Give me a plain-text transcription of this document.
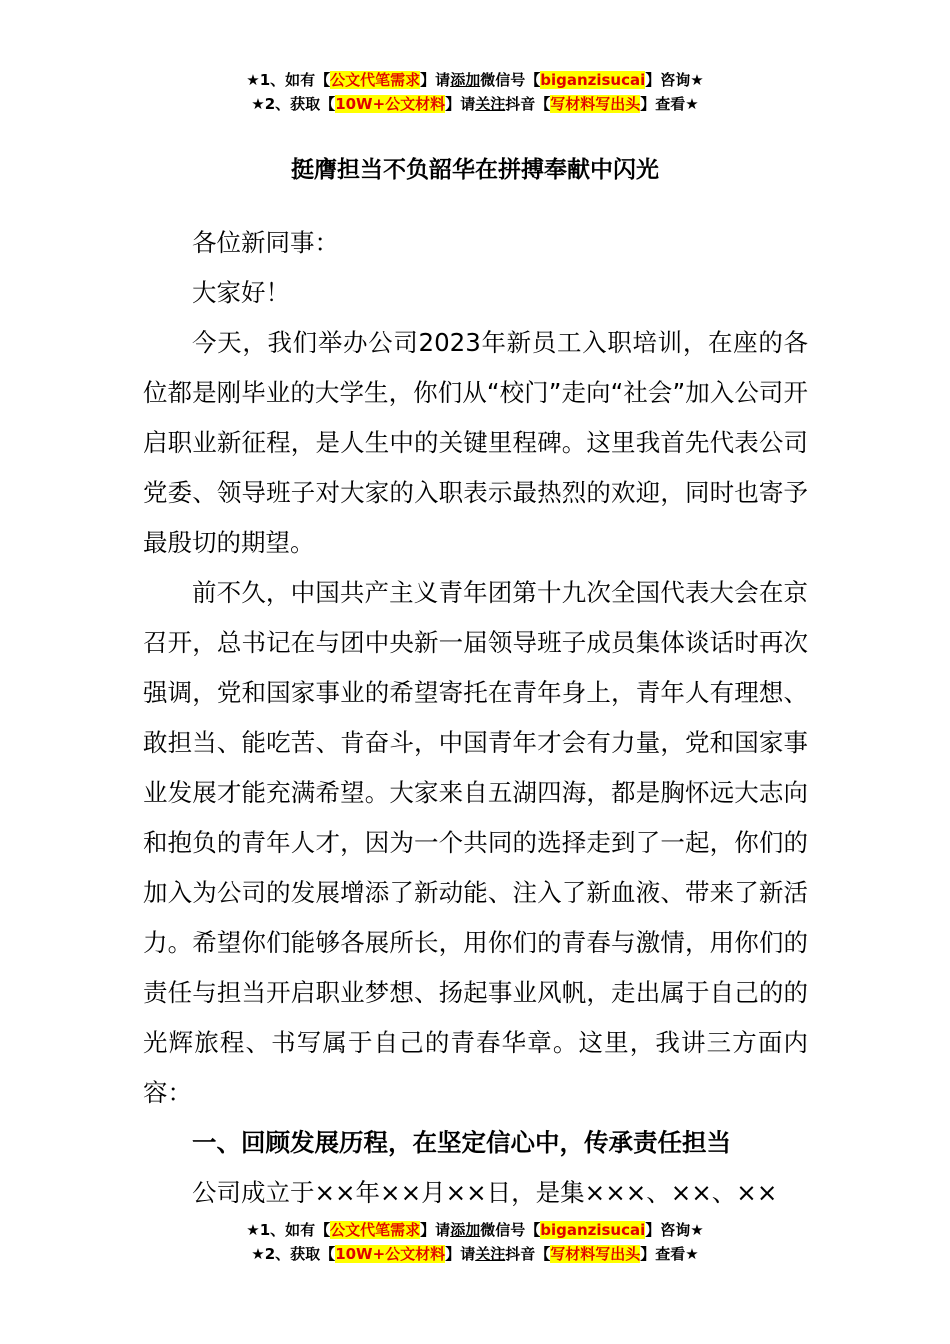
★1、如有【公文代笔需求】请添加微信号【biganzisucai】咨询★
★2、获取【10W+公文材料】请关注抖音【写材料写出头】查看★
挺膺担当不负韶华在拼搏奉献中闪光

各位新同事：

大家好！

今天，我们举办公司2023年新员工入职培训，在座的各位都是刚毕业的大学生，你们从“校门”走向“社会”加入公司开启职业新征程，是人生中的关键里程碑。这里我首先代表公司党委、领导班子对大家的入职表示最热烈的欢迎，同时也寄予最殷切的期望。

前不久，中国共产主义青年团第十九次全国代表大会在京召开，总书记在与团中央新一届领导班子成员集体谈话时再次强调，党和国家事业的希望寄托在青年身上，青年人有理想、敢担当、能吃苦、肯奋斗，中国青年才会有力量，党和国家事业发展才能充满希望。大家来自五湖四海，都是胸怀远大志向和抱负的青年人才，因为一个共同的选择走到了一起，你们的加入为公司的发展增添了新动能、注入了新血液、带来了新活力。希望你们能够各展所长，用你们的青春与激情，用你们的责任与担当开启职业梦想、扬起事业风帆，走出属于自己的的光辉旅程、书写属于自己的青春华章。这里，我讲三方面内容：

一、回顾发展历程，在坚定信心中，传承责任担当

公司成立于××年××月××日，是集×××、××、××

★1、如有【公文代笔需求】请添加微信号【biganzisucai】咨询★
★2、获取【10W+公文材料】请关注抖音【写材料写出头】查看★
